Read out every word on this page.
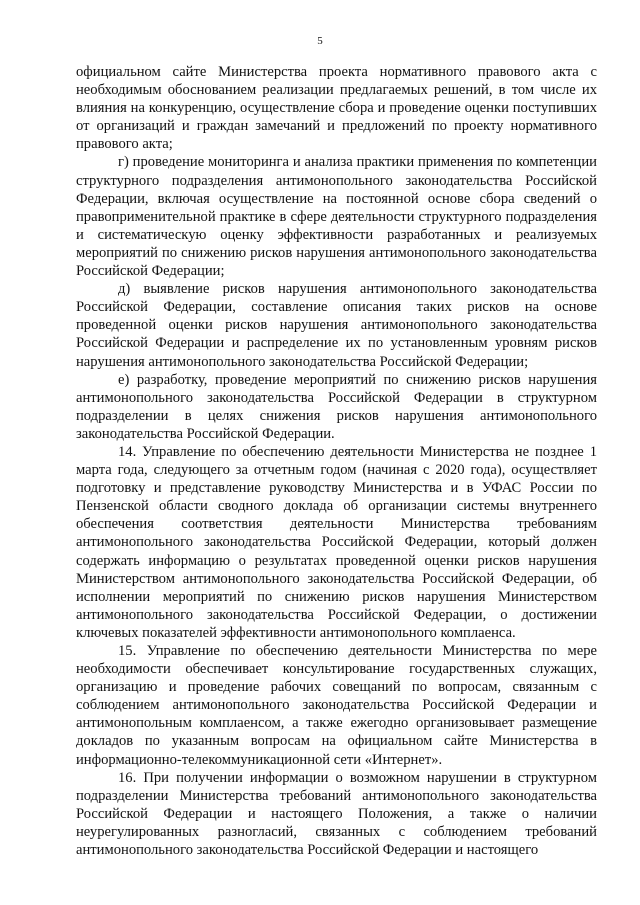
5

официальном сайте Министерства проекта нормативного правового акта с необходимым обоснованием реализации предлагаемых решений, в том числе их влияния на конкуренцию, осуществление сбора и проведение оценки поступивших от организаций и граждан замечаний и предложений по проекту нормативного правового акта;

г) проведение мониторинга и анализа практики применения по компетенции структурного подразделения антимонопольного законодательства Российской Федерации, включая осуществление на постоянной основе сбора сведений о правоприменительной практике в сфере деятельности структурного подразделения и систематическую оценку эффективности разработанных и реализуемых мероприятий по снижению рисков нарушения антимонопольного законодательства Российской Федерации;

д) выявление рисков нарушения антимонопольного законодательства Российской Федерации, составление описания таких рисков на основе проведенной оценки рисков нарушения антимонопольного законодательства Российской Федерации и распределение их по установленным уровням рисков нарушения антимонопольного законодательства Российской Федерации;

е) разработку, проведение мероприятий по снижению рисков нарушения антимонопольного законодательства Российской Федерации в структурном подразделении в целях снижения рисков нарушения антимонопольного законодательства Российской Федерации.

14. Управление по обеспечению деятельности Министерства не позднее 1 марта года, следующего за отчетным годом (начиная с 2020 года), осуществляет подготовку и представление руководству Министерства и в УФАС России по Пензенской области сводного доклада об организации системы внутреннего обеспечения соответствия деятельности Министерства требованиям антимонопольного законодательства Российской Федерации, который должен содержать информацию о результатах проведенной оценки рисков нарушения Министерством антимонопольного законодательства Российской Федерации, об исполнении мероприятий по снижению рисков нарушения Министерством антимонопольного законодательства Российской Федерации, о достижении ключевых показателей эффективности антимонопольного комплаенса.

15. Управление по обеспечению деятельности Министерства по мере необходимости обеспечивает консультирование государственных служащих, организацию и проведение рабочих совещаний по вопросам, связанным с соблюдением антимонопольного законодательства Российской Федерации и антимонопольным комплаенсом, а также ежегодно организовывает размещение докладов по указанным вопросам на официальном сайте Министерства в информационно-телекоммуникационной сети «Интернет».

16. При получении информации о возможном нарушении в структурном подразделении Министерства требований антимонопольного законодательства Российской Федерации и настоящего Положения, а также о наличии неурегулированных разногласий, связанных с соблюдением требований антимонопольного законодательства Российской Федерации и настоящего
